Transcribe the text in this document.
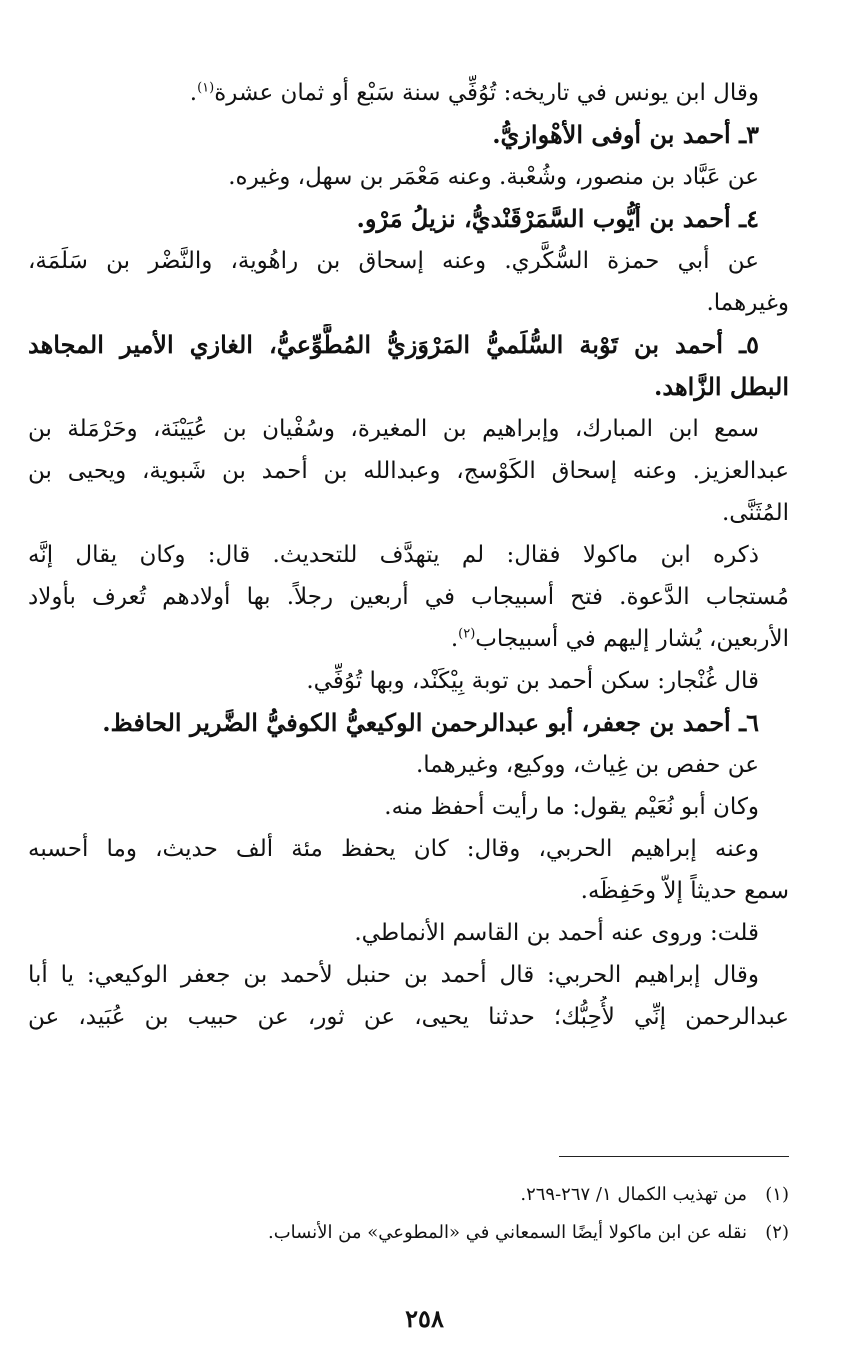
وقال ابن يونس في تاريخه: تُوُفِّي سنة سَبْع أو ثمان عشرة$^{(١)}$.
٣ـ أحمد بن أوفى الأهْوازيُّ.
عن عَبَّاد بن منصور، وشُعْبة. وعنه مَعْمَر بن سهل، وغيره.
٤ـ أحمد بن أيُّوب السَّمَرْقَنْديُّ، نزيلُ مَرْو.
عن أبي حمزة السُّكَّري. وعنه إسحاق بن راهُوية، والنَّضْر بن سَلَمَة،
وغيرهما.
٥ـ أحمد بن تَوْبة السُّلَميُّ المَرْوَزيُّ المُطَّوِّعيُّ، الغازي الأمير المجاهد
البطل الزَّاهد.
سمع ابن المبارك، وإبراهيم بن المغيرة، وسُفْيان بن عُيَيْنَة، وحَرْمَلة بن
عبدالعزيز. وعنه إسحاق الكَوْسج، وعبدالله بن أحمد بن شَبوية، ويحيى بن
المُثَنَّى.
ذكره ابن ماكولا فقال: لم يتهدَّف للتحديث. قال: وكان يقال إنَّه
مُستجاب الدَّعوة. فتح أسبيجاب في أربعين رجلاً. بها أولادهم تُعرف بأولاد
الأربعين، يُشار إليهم في أسبيجاب$^{(٢)}$.
قال غُنْجار: سكن أحمد بن توبة بِيْكَنْد، وبها تُوُفِّي.
٦ـ أحمد بن جعفر، أبو عبدالرحمن الوكيعيُّ الكوفيُّ الضَّرير الحافظ.
عن حفص بن غِياث، ووكيع، وغيرهما.
وكان أبو نُعَيْم يقول: ما رأيت أحفظ منه.
وعنه إبراهيم الحربي، وقال: كان يحفظ مئة ألف حديث، وما أحسبه
سمع حديثاً إلاّ وحَفِظَه.
قلت: وروى عنه أحمد بن القاسم الأنماطي.
وقال إبراهيم الحربي: قال أحمد بن حنبل لأحمد بن جعفر الوكيعي: يا أبا
عبدالرحمن إنِّي لأُحِبُّك؛ حدثنا يحيى، عن ثور، عن حبيب بن عُبَيد، عن
(١)من تهذيب الكمال ١/ ٢٦٧-٢٦٩.
(٢)نقله عن ابن ماكولا أيضًا السمعاني في «المطوعي» من الأنساب.
٢٥٨
